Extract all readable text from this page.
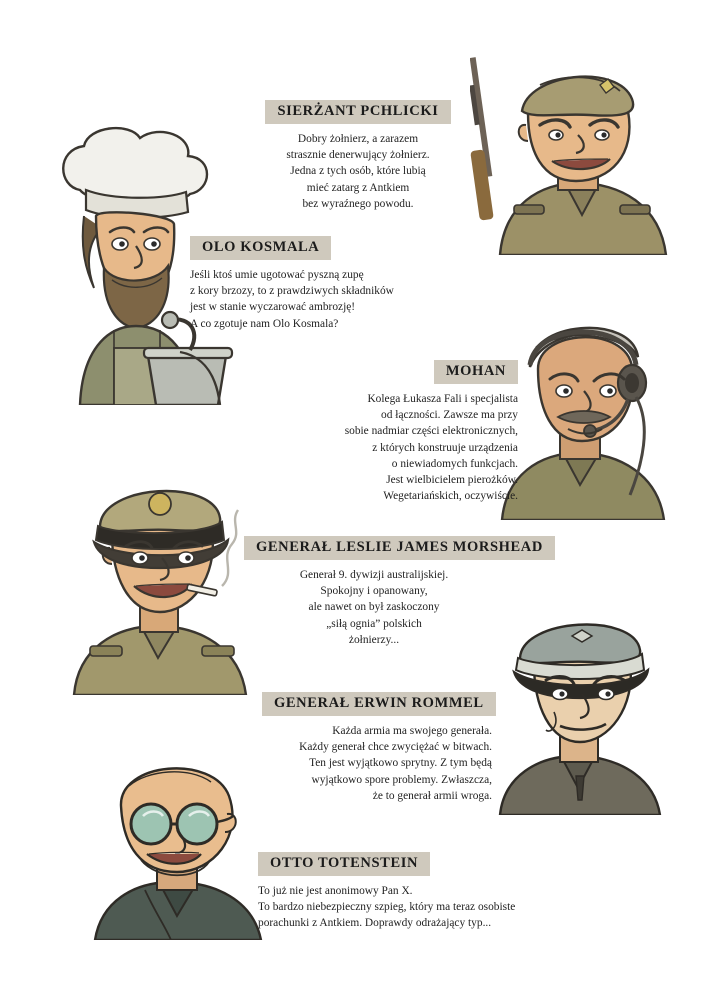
SIERŻANT PCHLICKI
Dobry żołnierz, a zarazem
strasznie denerwujący żołnierz.
Jedna z tych osób, które lubią
mieć zatarg z Antkiem
bez wyraźnego powodu.
OLO KOSMALA
Jeśli ktoś umie ugotować pyszną zupę
z kory brzozy, to z prawdziwych składników
jest w stanie wyczarować ambrozję!
A co zgotuje nam Olo Kosmala?
MOHAN
Kolega Łukasza Fali i specjalista
od łączności. Zawsze ma przy
sobie nadmiar części elektronicznych,
z których konstruuje urządzenia
o niewiadomych funkcjach.
Jest wielbicielem pierożków.
Wegetariańskich, oczywiście.
GENERAŁ LESLIE JAMES MORSHEAD
Generał 9. dywizji australijskiej.
Spokojny i opanowany,
ale nawet on był zaskoczony
„siłą ognia” polskich
żołnierzy...
GENERAŁ ERWIN ROMMEL
Każda armia ma swojego generała.
Każdy generał chce zwyciężać w bitwach.
Ten jest wyjątkowo sprytny. Z tym będą
wyjątkowo spore problemy. Zwłaszcza,
że to generał armii wroga.
OTTO TOTENSTEIN
To już nie jest anonimowy Pan X.
To bardzo niebezpieczny szpieg, który ma teraz osobiste
porachunki z Antkiem. Doprawdy odrażający typ...
